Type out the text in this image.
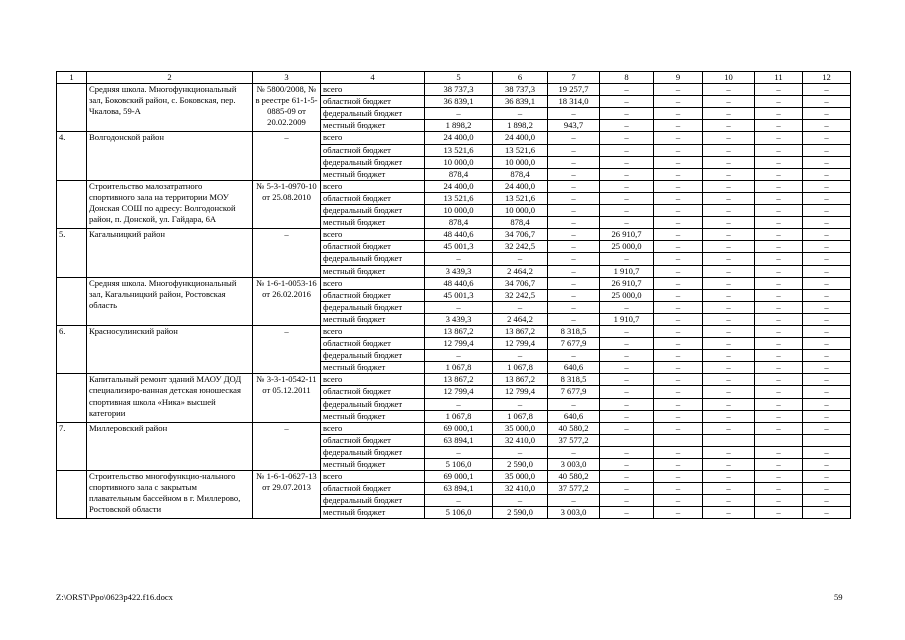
1	2	3	4	5	6	7	8	9	10	11	12
	Средняя школа. Многофункциональный зал, Боковский район, с. Боковская, пер. Чкалова, 59-А	№ 5800/2008, № в реестре 61-1-5-0885-09 от 20.02.2009	всего	38 737,3	38 737,3	19 257,7	–	–	–	–	–
			областной бюджет	36 839,1	36 839,1	18 314,0	–	–	–	–	–
			федеральный бюджет	–	–	–	–	–	–	–	–
			местный бюджет	1 898,2	1 898,2	943,7	–	–	–	–	–
4.	Волгодонской район	–	всего	24 400,0	24 400,0	–	–	–	–	–	–
			областной бюджет	13 521,6	13 521,6	–	–	–	–	–	–
			федеральный бюджет	10 000,0	10 000,0	–	–	–	–	–	–
			местный бюджет	878,4	878,4	–	–	–	–	–	–
	Строительство малозатратного спортивного зала на территории МОУ Донская СОШ по адресу: Волгодонской район, п. Донской, ул. Гайдара, 6А	№ 5-3-1-0970-10 от 25.08.2010	всего	24 400,0	24 400,0	–	–	–	–	–	–
			областной бюджет	13 521,6	13 521,6	–	–	–	–	–	–
			федеральный бюджет	10 000,0	10 000,0	–	–	–	–	–	–
			местный бюджет	878,4	878,4	–	–	–	–	–	–
5.	Кагальницкий район	–	всего	48 440,6	34 706,7	–	26 910,7	–	–	–	–
			областной бюджет	45 001,3	32 242,5	–	25 000,0	–	–	–	–
			федеральный бюджет	–	–	–	–	–	–	–	–
			местный бюджет	3 439,3	2 464,2	–	1 910,7	–	–	–	–
	Средняя школа. Многофункциональный зал, Кагальницкий район, Ростовская область	№ 1-6-1-0053-16 от 26.02.2016	всего	48 440,6	34 706,7	–	26 910,7	–	–	–	–
			областной бюджет	45 001,3	32 242,5	–	25 000,0	–	–	–	–
			федеральный бюджет	–	–	–	–	–	–	–	–
			местный бюджет	3 439,3	2 464,2	–	1 910,7	–	–	–	–
6.	Красносулинский район	–	всего	13 867,2	13 867,2	8 318,5	–	–	–	–	–
			областной бюджет	12 799,4	12 799,4	7 677,9	–	–	–	–	–
			федеральный бюджет	–	–	–	–	–	–	–	–
			местный бюджет	1 067,8	1 067,8	640,6	–	–	–	–	–
	Капитальный ремонт зданий МАОУ ДОД специализиро-ванная детская юношеская спортивная школа «Ника» высшей категории	№ 3-3-1-0542-11 от 05.12.2011	всего	13 867,2	13 867,2	8 318,5	–	–	–	–	–
			областной бюджет	12 799,4	12 799,4	7 677,9	–	–	–	–	–
			федеральный бюджет	–	–	–	–	–	–	–	–
			местный бюджет	1 067,8	1 067,8	640,6	–	–	–	–	–
7.	Миллеровский район	–	всего	69 000,1	35 000,0	40 580,2	–	–	–	–	–
			областной бюджет	63 894,1	32 410,0	37 577,2					
			федеральный бюджет	–	–	–	–	–	–	–	–
			местный бюджет	5 106,0	2 590,0	3 003,0	–	–	–	–	–
	Строительство многофункцио-нального спортивного зала с закрытым плавательным бассейном в г. Миллерово, Ростовской области	№ 1-6-1-0627-13 от 29.07.2013	всего	69 000,1	35 000,0	40 580,2	–	–	–	–	–
			областной бюджет	63 894,1	32 410,0	37 577,2	–	–	–	–	–
			федеральный бюджет	–	–	–	–	–	–	–	–
			местный бюджет	5 106,0	2 590,0	3 003,0	–	–	–	–	–
Z:\ORST\Ppo\0623p422.f16.docx	59
